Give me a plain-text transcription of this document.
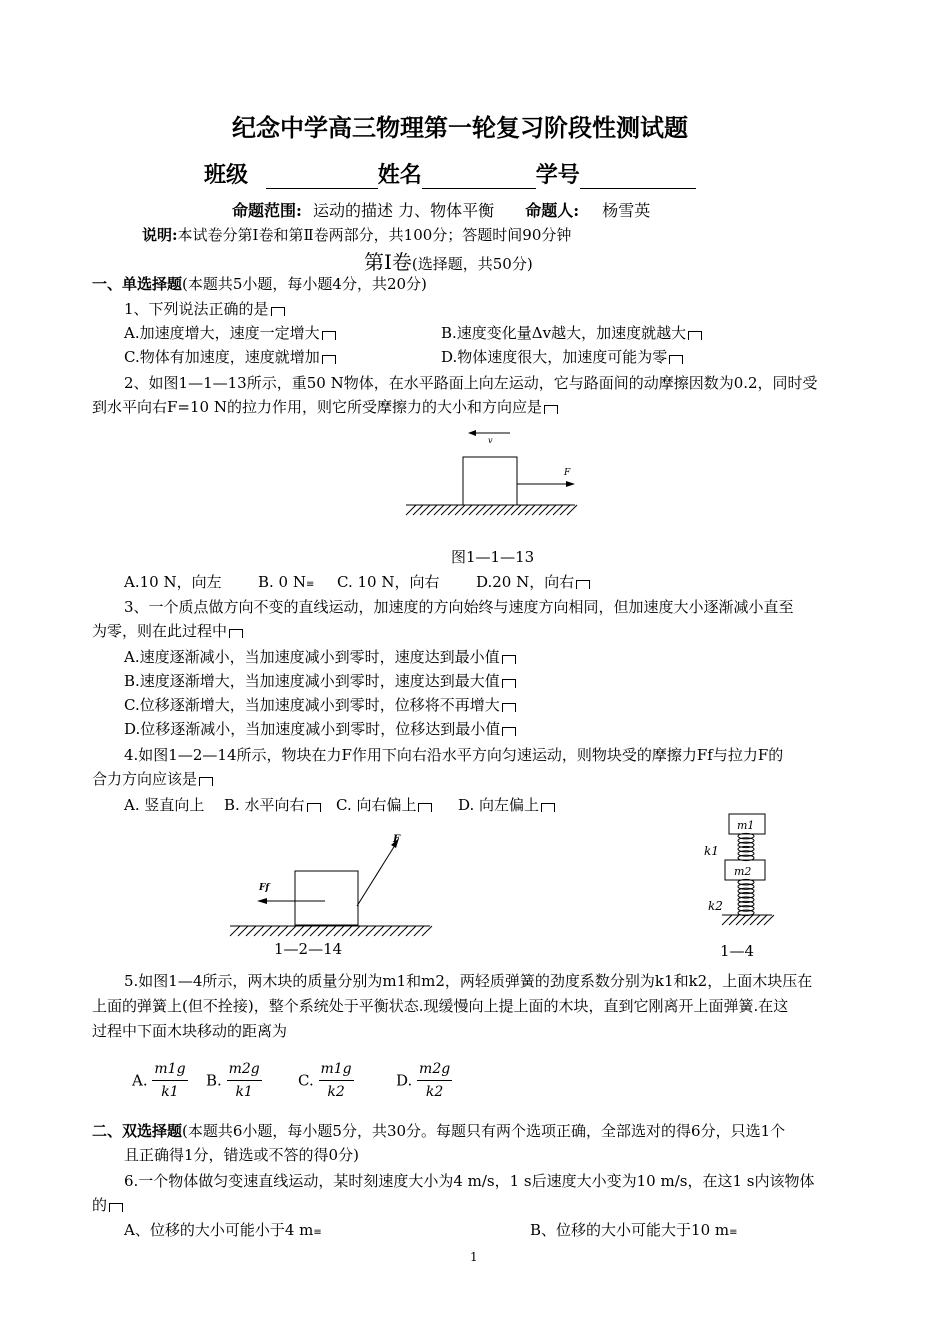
纪念中学高三物理第一轮复习阶段性测试题
班级	姓名	学号
命题范围: 运动的描述 力、物体平衡 命题人: 杨雪英
说明:本试卷分第Ⅰ卷和第Ⅱ卷两部分，共100分；答题时间90分钟
第Ⅰ卷(选择题，共50分)
一、单选择题(本题共5小题，每小题4分，共20分)
1、下列说法正确的是
A.加速度增大，速度一定增大	B.速度变化量Δv越大，加速度就越大
C.物体有加速度，速度就增加	D.物体速度很大，加速度可能为零
2、如图1—1—13所示，重50 N物体，在水平路面上向左运动，它与路面间的动摩擦因数为0.2，同时受
到水平向右F=10 N的拉力作用，则它所受摩擦力的大小和方向应是
v
F
图1—1—13
A.10 N，向左 B. 0 N≡ C. 10 N，向右 D.20 N，向右
3、一个质点做方向不变的直线运动，加速度的方向始终与速度方向相同，但加速度大小逐渐减小直至
为零，则在此过程中
A.速度逐渐减小，当加速度减小到零时，速度达到最小值
B.速度逐渐增大，当加速度减小到零时，速度达到最大值
C.位移逐渐增大，当加速度减小到零时，位移将不再增大
D.位移逐渐减小，当加速度减小到零时，位移达到最小值
4.如图1—2—14所示，物块在力F作用下向右沿水平方向匀速运动，则物块受的摩擦力Ff与拉力F的
合力方向应该是
A. 竖直向上 B. 水平向右	C. 向右偏上	D. 向左偏上
F
Ff
1—2—14
m1
k1
m2
k2
1—4
5.如图1—4所示，两木块的质量分别为m1和m2，两轻质弹簧的劲度系数分别为k1和k2，上面木块压在
上面的弹簧上(但不拴接)，整个系统处于平衡状态.现缓慢向上提上面的木块，直到它刚离开上面弹簧.在这
过程中下面木块移动的距离为
A. $\frac{m1g}{k1} B$. $\frac{m2g}{k1} C$. $\frac{m1g}{k2}$	D. $\frac{m2g}{k2}$
二、双选择题(本题共6小题，每小题5分，共30分。每题只有两个选项正确，全部选对的得6分，只选1个
且正确得1分，错选或不答的得0分)
6.一个物体做匀变速直线运动，某时刻速度大小为4 m/s，1 s后速度大小变为10 m/s，在这1 s内该物体
的
A、位移的大小可能小于4 m≡	B、位移的大小可能大于10 m≡
1
